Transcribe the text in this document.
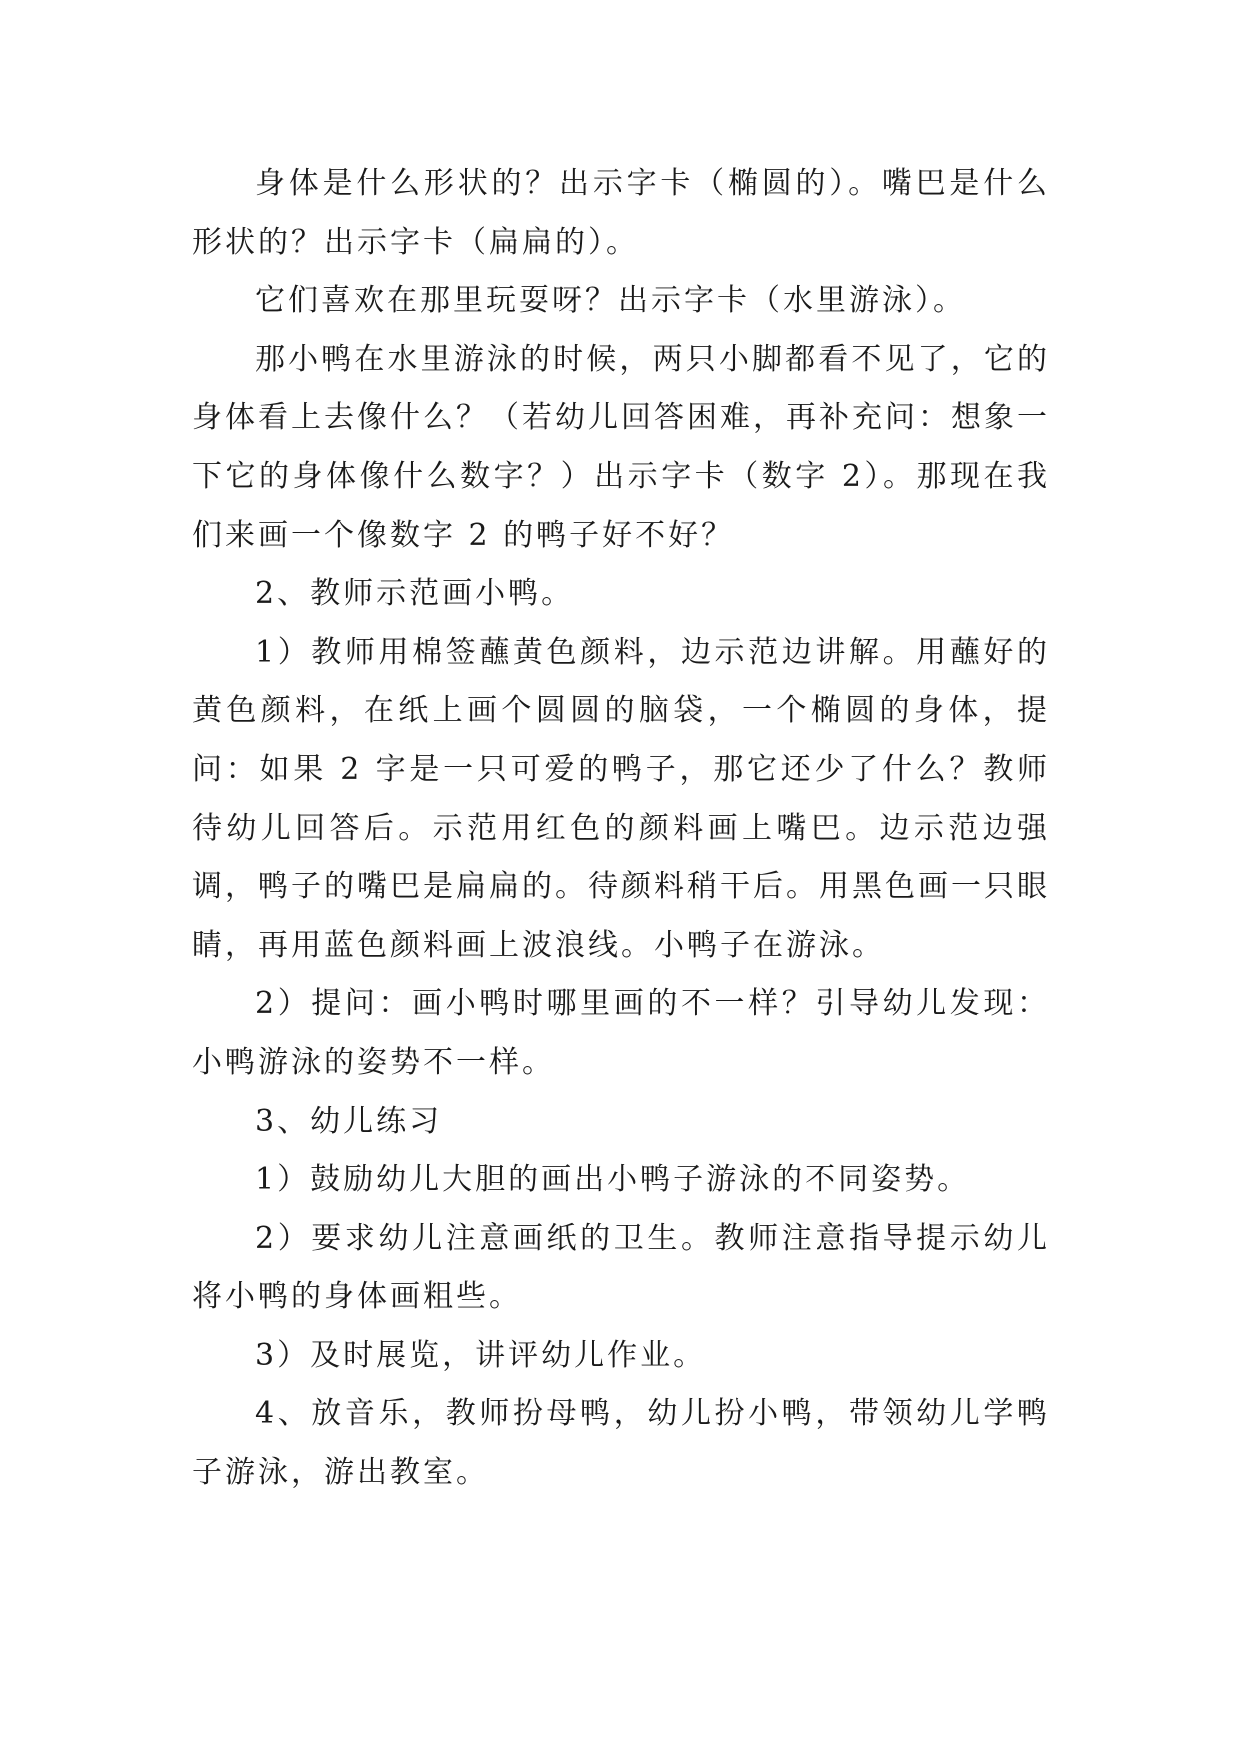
身体是什么形状的？出示字卡（椭圆的）。嘴巴是什么形状的？出示字卡（扁扁的）。

它们喜欢在那里玩耍呀？出示字卡（水里游泳）。

那小鸭在水里游泳的时候，两只小脚都看不见了，它的身体看上去像什么？（若幼儿回答困难，再补充问：想象一下它的身体像什么数字？）出示字卡（数字 2）。那现在我们来画一个像数字 2 的鸭子好不好？

2、教师示范画小鸭。

1）教师用棉签蘸黄色颜料，边示范边讲解。用蘸好的黄色颜料，在纸上画个圆圆的脑袋，一个椭圆的身体，提问：如果 2 字是一只可爱的鸭子，那它还少了什么？教师待幼儿回答后。示范用红色的颜料画上嘴巴。边示范边强调，鸭子的嘴巴是扁扁的。待颜料稍干后。用黑色画一只眼睛，再用蓝色颜料画上波浪线。小鸭子在游泳。

2）提问：画小鸭时哪里画的不一样？引导幼儿发现：小鸭游泳的姿势不一样。

3、幼儿练习

1）鼓励幼儿大胆的画出小鸭子游泳的不同姿势。

2）要求幼儿注意画纸的卫生。教师注意指导提示幼儿将小鸭的身体画粗些。

3）及时展览，讲评幼儿作业。

4、放音乐，教师扮母鸭，幼儿扮小鸭，带领幼儿学鸭子游泳，游出教室。
